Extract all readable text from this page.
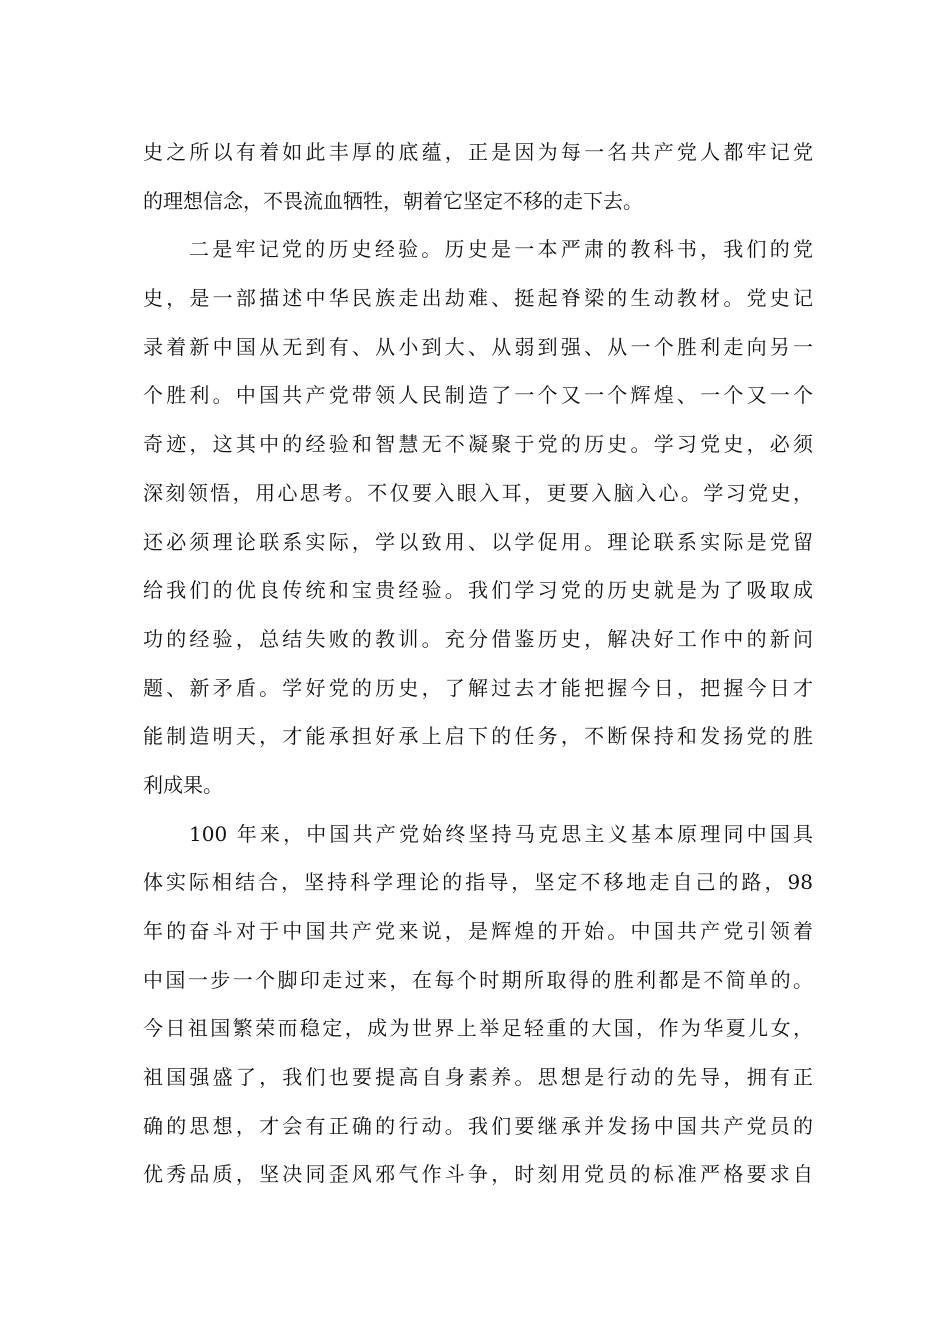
史之所以有着如此丰厚的底蕴，正是因为每一名共产党人都牢记党
的理想信念，不畏流血牺牲，朝着它坚定不移的走下去。
二是牢记党的历史经验。历史是一本严肃的教科书，我们的党
史，是一部描述中华民族走出劫难、挺起脊梁的生动教材。党史记
录着新中国从无到有、从小到大、从弱到强、从一个胜利走向另一
个胜利。中国共产党带领人民制造了一个又一个辉煌、一个又一个
奇迹，这其中的经验和智慧无不凝聚于党的历史。学习党史，必须
深刻领悟，用心思考。不仅要入眼入耳，更要入脑入心。学习党史，
还必须理论联系实际，学以致用、以学促用。理论联系实际是党留
给我们的优良传统和宝贵经验。我们学习党的历史就是为了吸取成
功的经验，总结失败的教训。充分借鉴历史，解决好工作中的新问
题、新矛盾。学好党的历史，了解过去才能把握今日，把握今日才
能制造明天，才能承担好承上启下的任务，不断保持和发扬党的胜
利成果。
100 年来，中国共产党始终坚持马克思主义基本原理同中国具
体实际相结合，坚持科学理论的指导，坚定不移地走自己的路，98
年的奋斗对于中国共产党来说，是辉煌的开始。中国共产党引领着
中国一步一个脚印走过来，在每个时期所取得的胜利都是不简单的。
今日祖国繁荣而稳定，成为世界上举足轻重的大国，作为华夏儿女，
祖国强盛了，我们也要提高自身素养。思想是行动的先导，拥有正
确的思想，才会有正确的行动。我们要继承并发扬中国共产党员的
优秀品质，坚决同歪风邪气作斗争，时刻用党员的标准严格要求自
